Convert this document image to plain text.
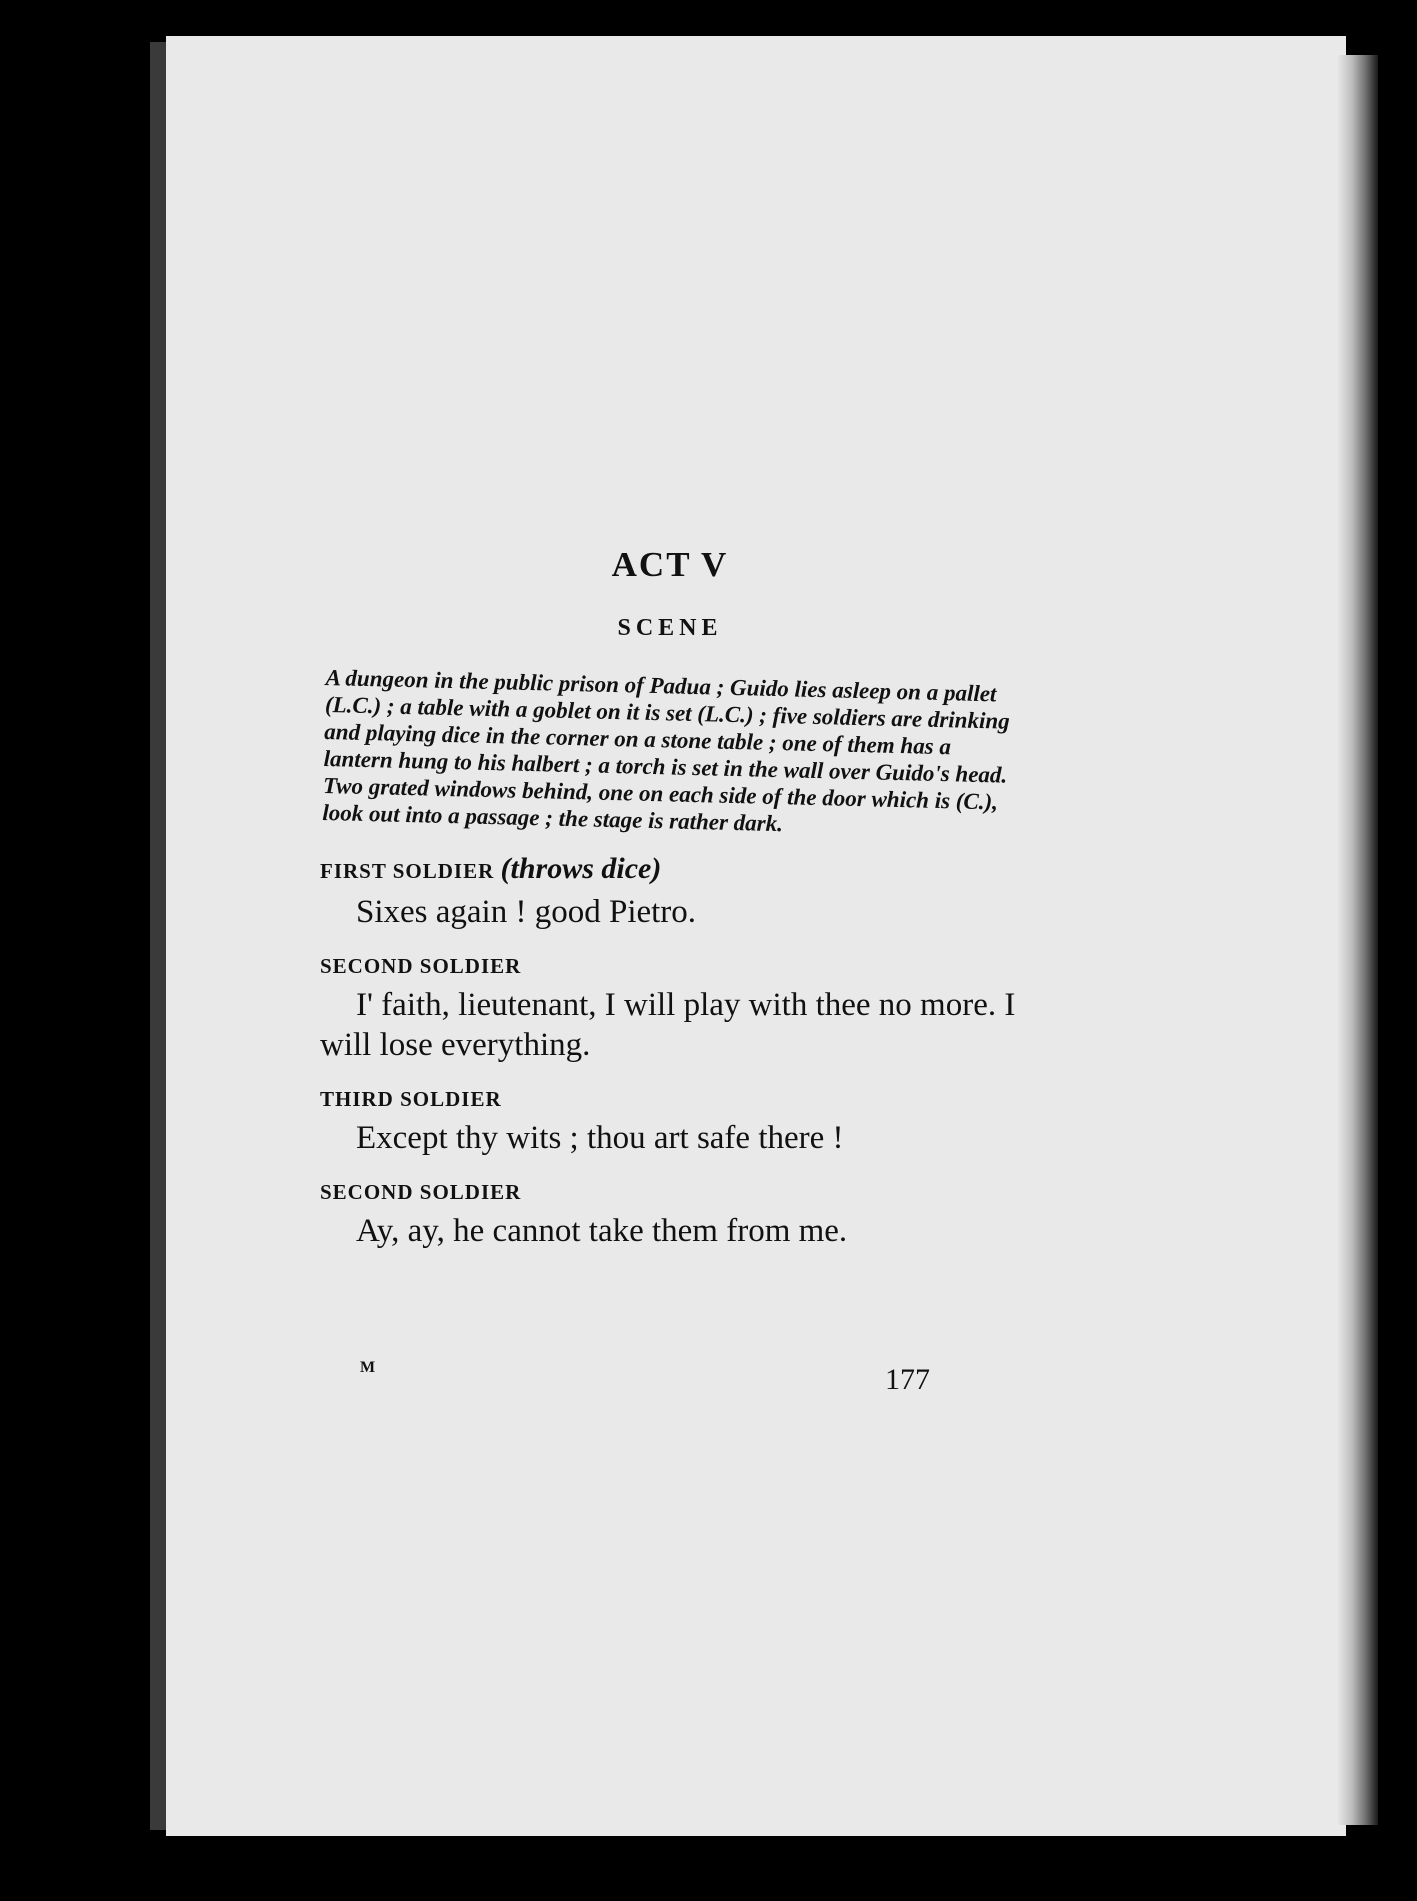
ACT V
SCENE
A dungeon in the public prison of Padua ; Guido lies asleep on a pallet (L.C.) ; a table with a goblet on it is set (L.C.) ; five soldiers are drinking and playing dice in the corner on a stone table ; one of them has a lantern hung to his halbert ; a torch is set in the wall over Guido's head. Two grated windows behind, one on each side of the door which is (C.), look out into a passage ; the stage is rather dark.
FIRST SOLDIER (throws dice)
Sixes again ! good Pietro.
SECOND SOLDIER
I' faith, lieutenant, I will play with thee no more. I will lose everything.
THIRD SOLDIER
Except thy wits ; thou art safe there !
SECOND SOLDIER
Ay, ay, he cannot take them from me.
M	177
